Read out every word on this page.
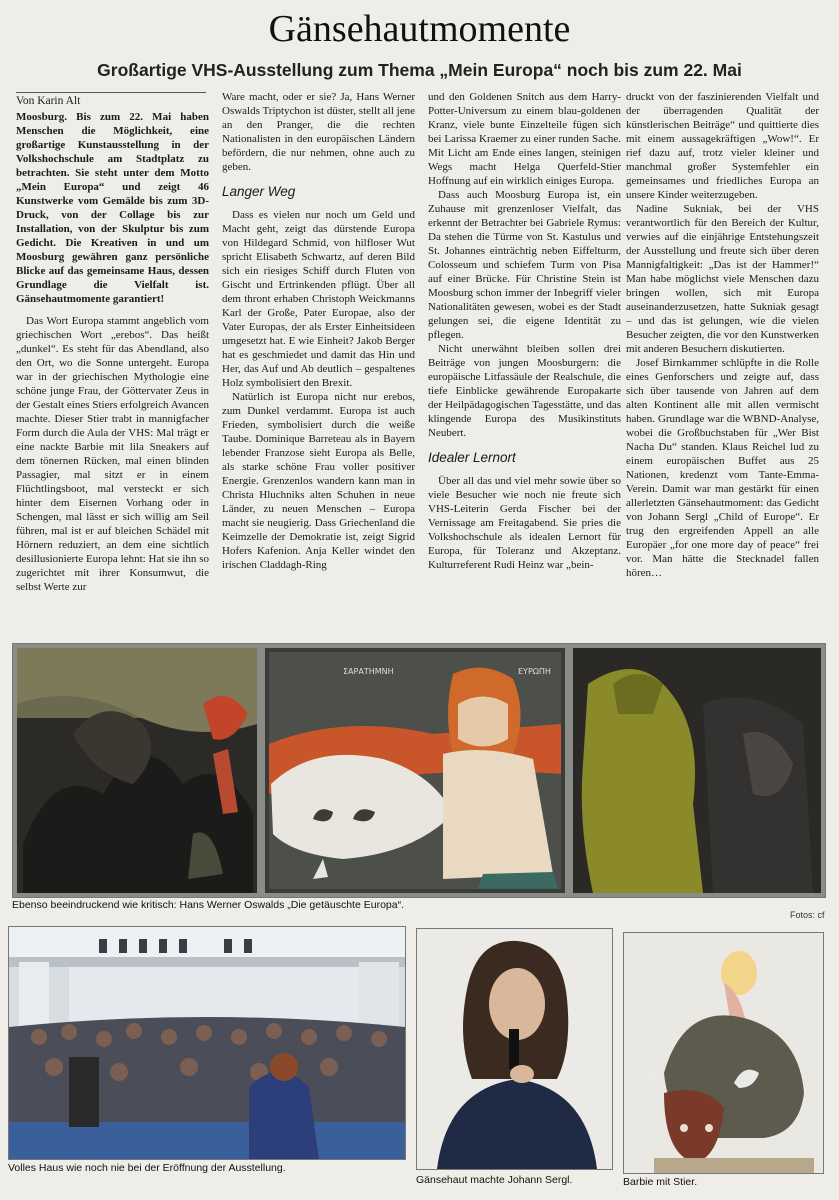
Gänsehautmomente
Großartige VHS-Ausstellung zum Thema „Mein Europa“ noch bis zum 22. Mai
Von Karin Alt

Moosburg. Bis zum 22. Mai haben Menschen die Möglichkeit, eine großartige Kunstausstellung in der Volkshochschule am Stadtplatz zu betrachten. Sie steht unter dem Motto „Mein Europa“ und zeigt 46 Kunstwerke vom Gemälde bis zum 3D-Druck, von der Collage bis zur Installation, von der Skulptur bis zum Gedicht. Die Kreativen in und um Moosburg gewähren ganz persönliche Blicke auf das gemeinsame Haus, dessen Grundlage die Vielfalt ist. Gänsehautmomente garantiert!

Das Wort Europa stammt angeblich vom griechischen Wort „erebos“. Das heißt „dunkel“. Es steht für das Abendland, also den Ort, wo die Sonne untergeht. Europa war in der griechischen Mythologie eine schöne junge Frau, der Göttervater Zeus in der Gestalt eines Stiers erfolgreich Avancen machte. Dieser Stier trabt in mannigfacher Form durch die Aula der VHS: Mal trägt er eine nackte Barbie mit lila Sneakers auf dem tönernen Rücken, mal einen blinden Passagier, mal sitzt er in einem Flüchtlingsboot, mal versteckt er sich hinter dem Eisernen Vorhang oder in Schengen, mal lässt er sich willig am Seil führen, mal ist er auf bleichen Schädel mit Hörnern reduziert, an dem eine sichtlich desillusionierte Europa lehnt: Hat sie ihn so zugerichtet mit ihrer Konsumwut, die selbst Werte zur

Ware macht, oder er sie? Ja, Hans Werner Oswalds Triptychon ist düster, stellt all jene an den Pranger, die die rechten Nationalisten in den europäischen Ländern befördern, die nur nehmen, ohne auch zu geben.

Langer Weg

Dass es vielen nur noch um Geld und Macht geht, zeigt das dürstende Europa von Hildegard Schmid, von hilfloser Wut spricht Elisabeth Schwartz, auf deren Bild sich ein riesiges Schiff durch Fluten von Gischt und Ertrinkenden pflügt. Über all dem thront erhaben Christoph Weickmanns Karl der Große, Pater Europae, also der Vater Europas, der als Erster Einheitsideen umgesetzt hat. E wie Einheit? Jakob Berger hat es geschmiedet und damit das Hin und Her, das Auf und Ab deutlich – gespaltenes Holz symbolisiert den Brexit.

Natürlich ist Europa nicht nur erebos, zum Dunkel verdammt. Europa ist auch Frieden, symbolisiert durch die weiße Taube. Dominique Barreteau als in Bayern lebender Franzose sieht Europa als Belle, als starke schöne Frau voller positiver Energie. Grenzenlos wandern kann man in Christa Hluchniks alten Schuhen in neue Länder, zu neuen Menschen – Europa macht sie neugierig. Dass Griechenland die Keimzelle der Demokratie ist, zeigt Sigrid Hofers Kafenion. Anja Keller windet den irischen Claddagh-Ring

und den Goldenen Snitch aus dem Harry-Potter-Universum zu einem blau-goldenen Kranz, viele bunte Einzelteile fügen sich bei Larissa Kraemer zu einer runden Sache. Mit Licht am Ende eines langen, steinigen Wegs macht Helga Querfeld-Stier Hoffnung auf ein wirklich einiges Europa.

Dass auch Moosburg Europa ist, ein Zuhause mit grenzenloser Vielfalt, das erkennt der Betrachter bei Gabriele Rymus: Da stehen die Türme von St. Kastulus und St. Johannes einträchtig neben Eiffelturm, Colosseum und schiefem Turm von Pisa auf einer Brücke. Für Christine Stein ist Moosburg schon immer der Inbegriff vieler Nationalitäten gewesen, wobei es der Stadt gelungen sei, die eigene Identität zu pflegen.

Nicht unerwähnt bleiben sollen drei Beiträge von jungen Moosburgern: die europäische Litfassäule der Realschule, die tiefe Einblicke gewährende Europakarte der Heilpädagogischen Tagesstätte, und das klingende Europa des Musikinstituts Neubert.

Idealer Lernort

Über all das und viel mehr sowie über so viele Besucher wie noch nie freute sich VHS-Leiterin Gerda Fischer bei der Vernissage am Freitagabend. Sie pries die Volkshochschule als idealen Lernort für Europa, für Toleranz und Akzeptanz. Kulturreferent Rudi Heinz war „bein-

druckt von der faszinierenden Vielfalt und der überragenden Qualität der künstlerischen Beiträge“ und quittierte dies mit einem aussagekräftigen „Wow!“. Er rief dazu auf, trotz vieler kleiner und manchmal großer Systemfehler ein gemeinsames und friedliches Europa an unsere Kinder weiterzugeben.

Nadine Sukniak, bei der VHS verantwortlich für den Bereich der Kultur, verwies auf die einjährige Entstehungszeit der Ausstellung und freute sich über deren Mannigfaltigkeit: „Das ist der Hammer!“ Man habe möglichst viele Menschen dazu bringen wollen, sich mit Europa auseinanderzusetzen, hatte Sukniak gesagt – und das ist gelungen, wie die vielen Besucher zeigten, die vor den Kunstwerken mit anderen Besuchern diskutierten.

Josef Birnkammer schlüpfte in die Rolle eines Genforschers und zeigte auf, dass sich über tausende von Jahren auf dem alten Kontinent alle mit allen vermischt haben. Grundlage war die WBND-Analyse, wobei die Großbuchstaben für „Wer Bist Nacha Du“ standen. Klaus Reichel lud zu einem europäischen Buffet aus 25 Nationen, kredenzt vom Tante-Emma-Verein. Damit war man gestärkt für einen allerletzten Gänsehautmoment: das Gedicht von Johann Sergl „Child of Europe“. Er trug den ergreifenden Appell an alle Europäer „for one more day of peace“ frei vor. Man hätte die Stecknadel fallen hören…

ΣΑΡΑΤΗΜΝΗ	ΕΥΡΩΠΗ
Ebenso beeindruckend wie kritisch: Hans Werner Oswalds „Die getäuschte Europa“.
Fotos: cf
Volles Haus wie noch nie bei der Eröffnung der Ausstellung.
Gänsehaut machte Johann Sergl.	Barbie mit Stier.
